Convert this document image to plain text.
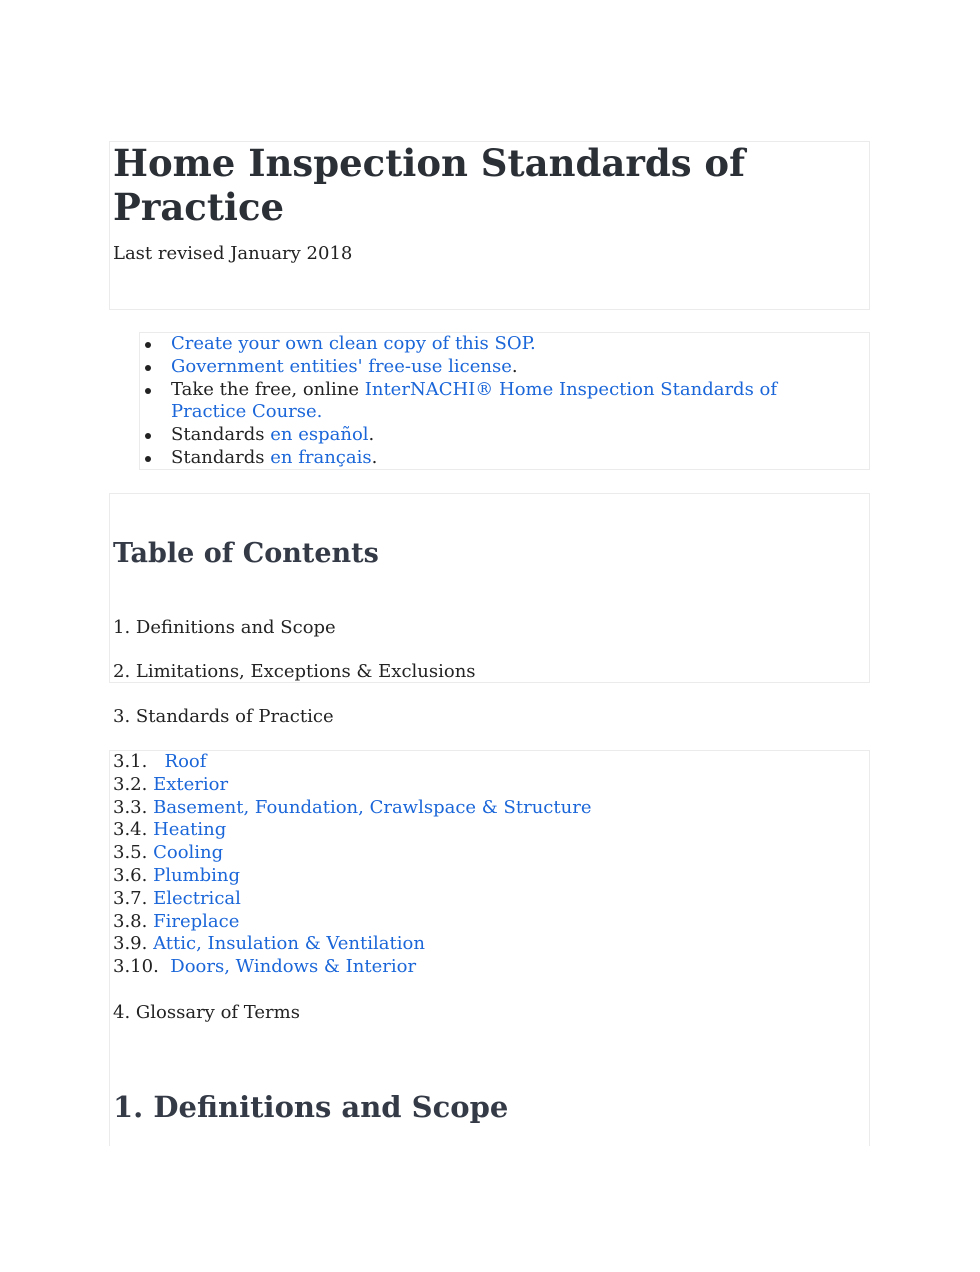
Home Inspection Standards of Practice

Last revised January 2018

Create your own clean copy of this SOP.
Government entities' free-use license.
Take the free, online InterNACHI® Home Inspection Standards of Practice Course.
Standards en español.
Standards en français.
Table of Contents

1. Definitions and Scope

2. Limitations, Exceptions & Exclusions

3. Standards of Practice

3.1. Roof
3.2. Exterior
3.3. Basement, Foundation, Crawlspace & Structure
3.4. Heating
3.5. Cooling
3.6. Plumbing
3.7. Electrical
3.8. Fireplace
3.9. Attic, Insulation & Ventilation
3.10. Doors, Windows & Interior

4. Glossary of Terms

1. Definitions and Scope
